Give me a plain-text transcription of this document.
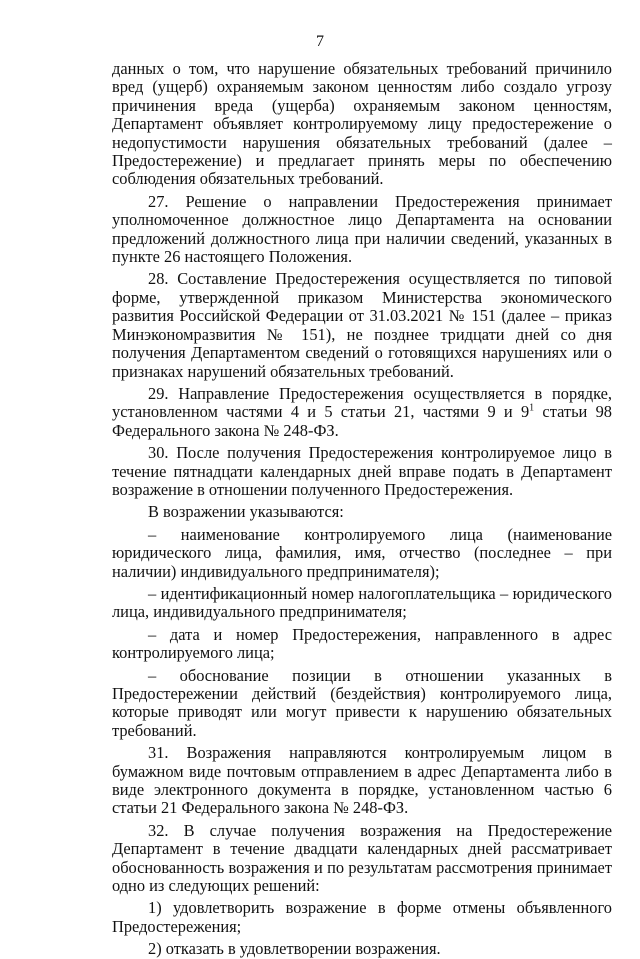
7

данных о том, что нарушение обязательных требований причинило вред (ущерб) охраняемым законом ценностям либо создало угрозу причинения вреда (ущерба) охраняемым законом ценностям, Департамент объявляет контролируемому лицу предостережение о недопустимости нарушения обязательных требований (далее – Предостережение) и предлагает принять меры по обеспечению соблюдения обязательных требований.

27. Решение о направлении Предостережения принимает уполномоченное должностное лицо Департамента на основании предложений должностного лица при наличии сведений, указанных в пункте 26 настоящего Положения.

28. Составление Предостережения осуществляется по типовой форме, утвержденной приказом Министерства экономического развития Российской Федерации от 31.03.2021 № 151 (далее – приказ Минэкономразвития № 151), не позднее тридцати дней со дня получения Департаментом сведений о готовящихся нарушениях или о признаках нарушений обязательных требований.

29. Направление Предостережения осуществляется в порядке, установленном частями 4 и 5 статьи 21, частями 9 и $9^1$ статьи 98 Федерального закона № 248-ФЗ.

30. После получения Предостережения контролируемое лицо в течение пятнадцати календарных дней вправе подать в Департамент возражение в отношении полученного Предостережения.

В возражении указываются:

– наименование контролируемого лица (наименование юридического лица, фамилия, имя, отчество (последнее – при наличии) индивидуального предпринимателя);

– идентификационный номер налогоплательщика – юридического лица, индивидуального предпринимателя;

– дата и номер Предостережения, направленного в адрес контролируемого лица;

– обоснование позиции в отношении указанных в Предостережении действий (бездействия) контролируемого лица, которые приводят или могут привести к нарушению обязательных требований.

31. Возражения направляются контролируемым лицом в бумажном виде почтовым отправлением в адрес Департамента либо в виде электронного документа в порядке, установленном частью 6 статьи 21 Федерального закона № 248-ФЗ.

32. В случае получения возражения на Предостережение Департамент в течение двадцати календарных дней рассматривает обоснованность возражения и по результатам рассмотрения принимает одно из следующих решений:

1) удовлетворить возражение в форме отмены объявленного Предостережения;

2) отказать в удовлетворении возражения.
